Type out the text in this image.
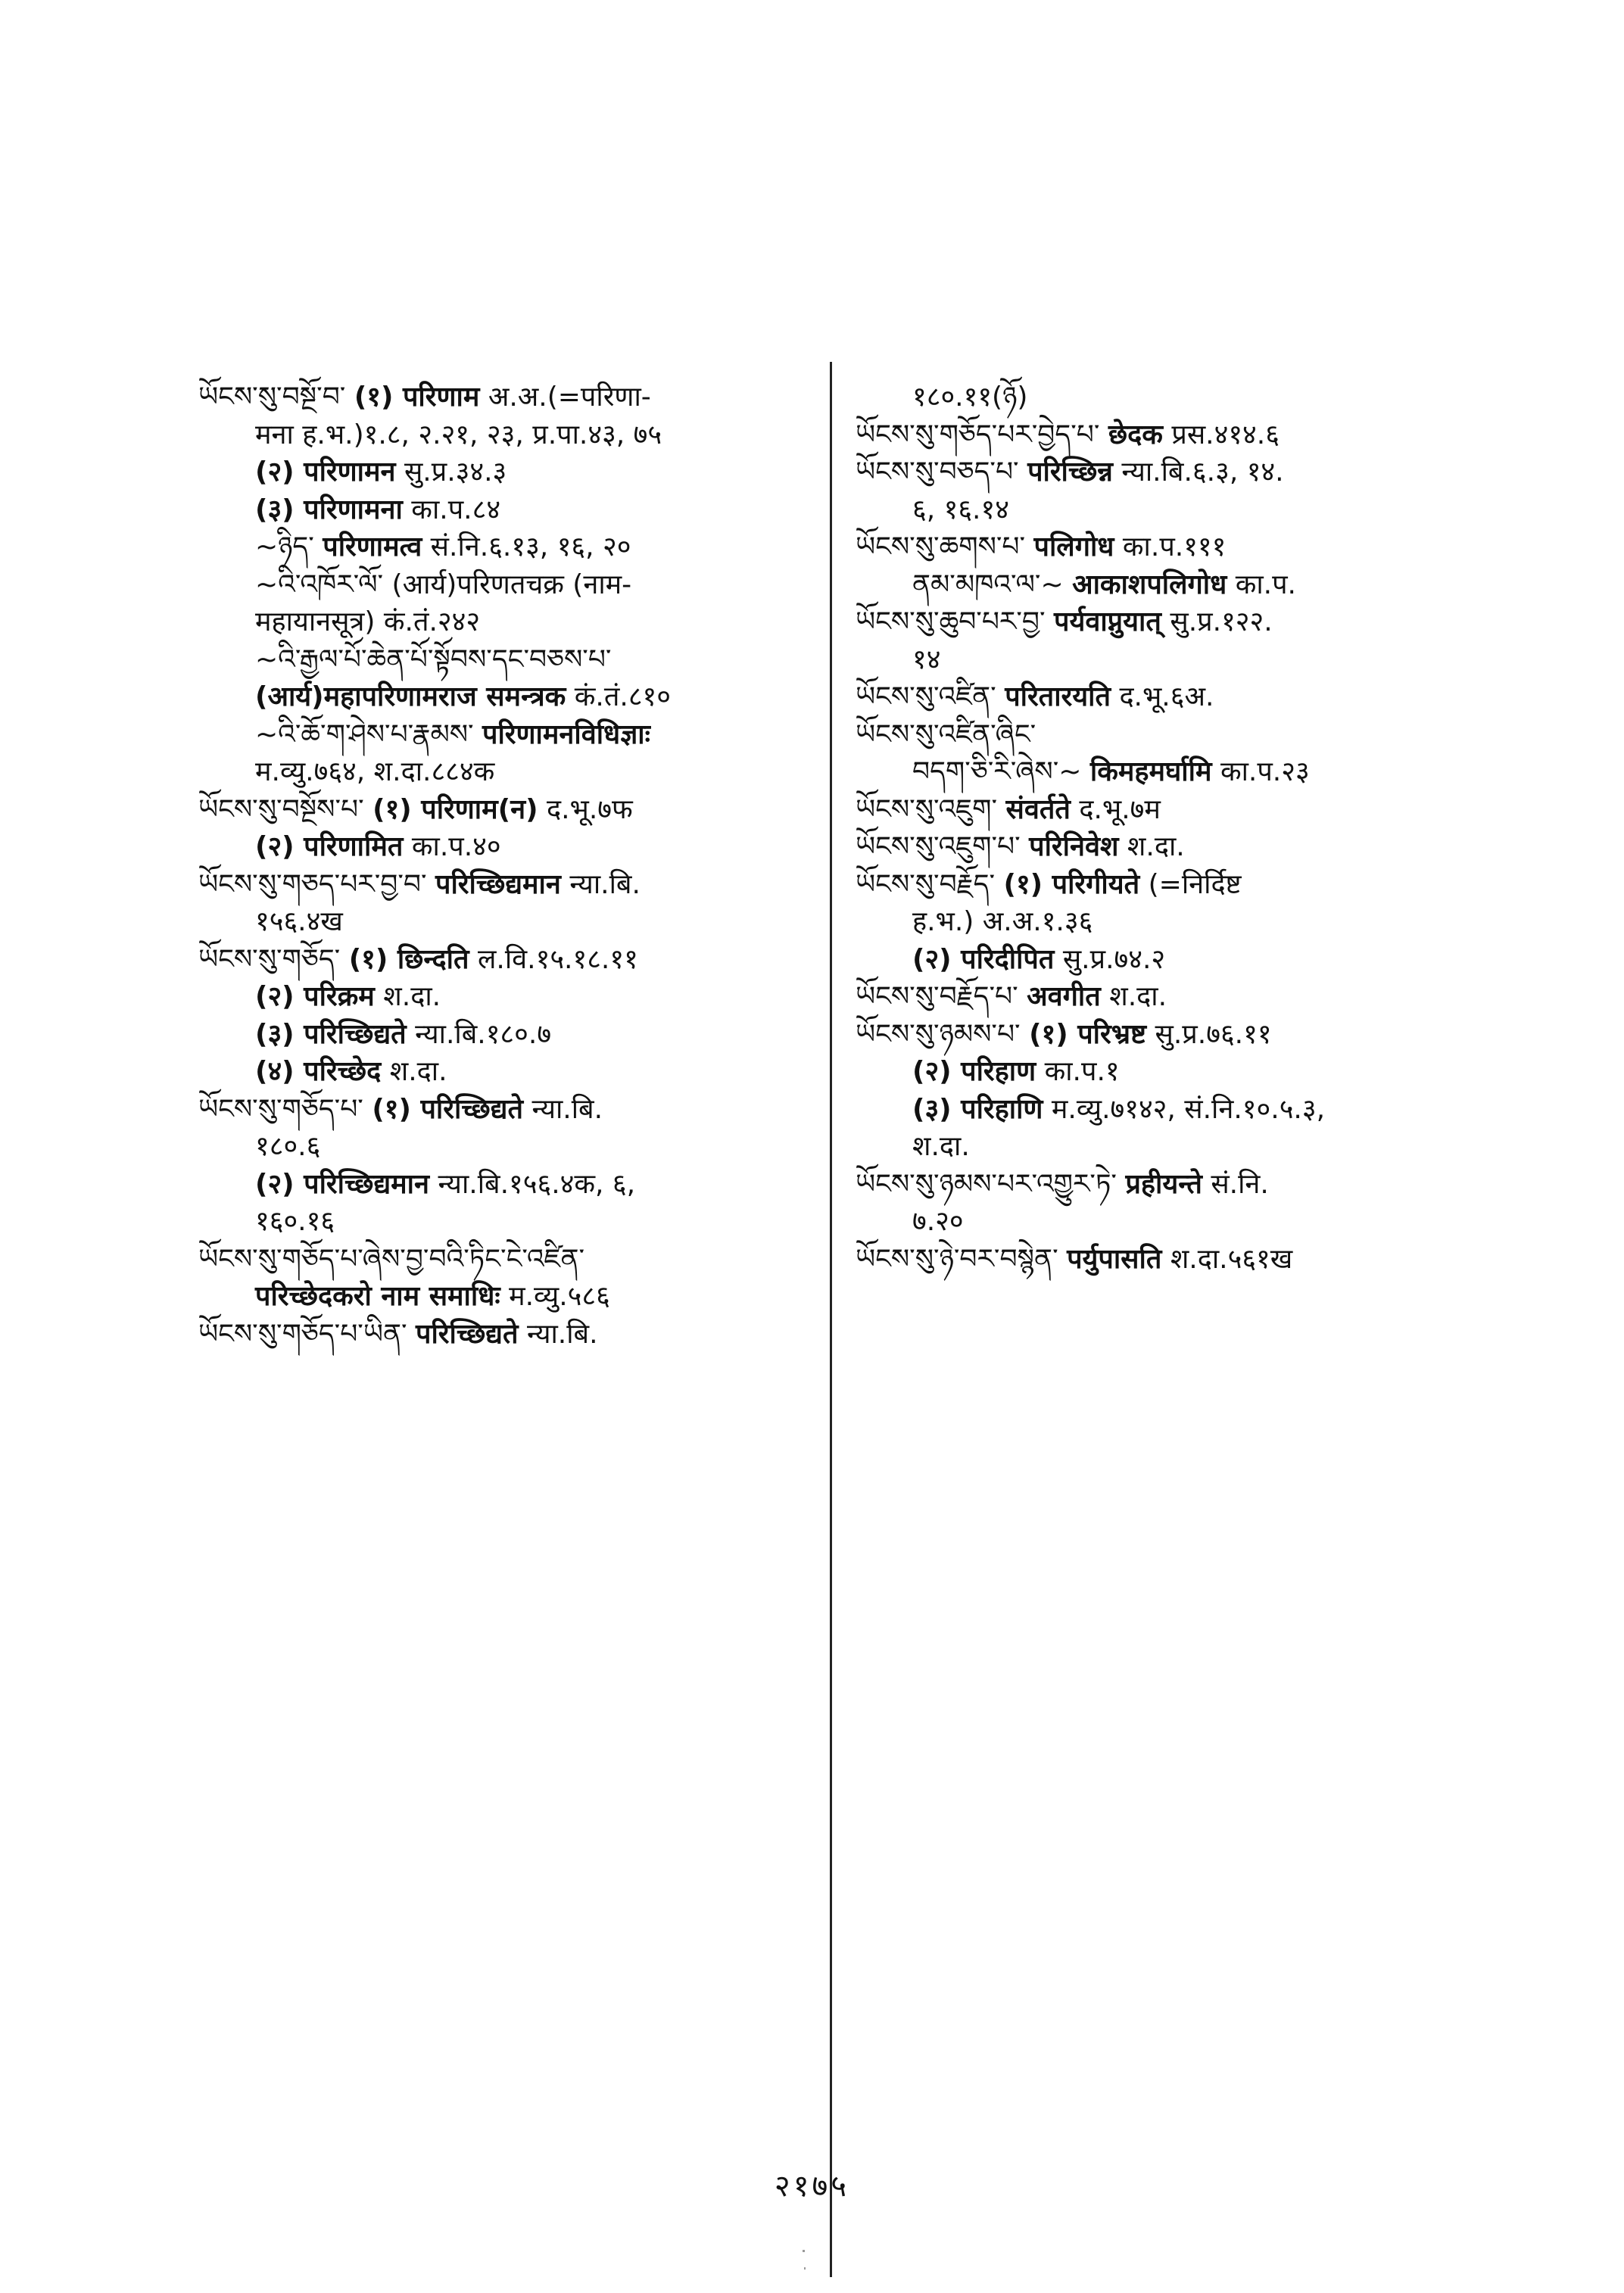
ཡོངས་སུ་བསྔོ་བ་ (१) परिणाम अ.अ.(=परिणा-
मना ह.भ.)१.८, २.२१, २३, प्र.पा.४३, ७५
(२) परिणामन सु.प्र.३४.३
(३) परिणामना का.प.८४
~ཉིད་ परिणामत्व सं.नि.६.१३, १६, २०
~འི་འཁོར་ལོ་ (आर्य)परिणतचक्र (नाम-
महायानसूत्र) कं.तं.२४२
~འི་རྒྱལ་པོ་ཆེན་པོ་སྟོབས་དང་བཅས་པ་
(आर्य)महापरिणामराज समन्त्रक कं.तं.८१०
~འི་ཆོ་ག་ཤེས་པ་རྣམས་ परिणामनविधिज्ञाः
म.व्यु.७६४, श.दा.८८४क
ཡོངས་སུ་བསྔོས་པ་ (१) परिणाम(न) द.भू.७फ
(२) परिणामित का.प.४०
ཡོངས་སུ་གཅད་པར་བྱ་བ་ परिच्छिद्यमान न्या.बि.
१५६.४ख
ཡོངས་སུ་གཅོད་ (१) छिन्दति ल.वि.१५.१८.११
(२) परिक्रम श.दा.
(३) परिच्छिद्यते न्या.बि.१८०.७
(४) परिच्छेद श.दा.
ཡོངས་སུ་གཅོད་པ་ (१) परिच्छिद्यते न्या.बि.
१८०.६
(२) परिच्छिद्यमान न्या.बि.१५६.४क, ६,
१६०.१६
ཡོངས་སུ་གཅོད་པ་ཞེས་བྱ་བའི་ཏིང་ངེ་འཛིན་
परिच्छेदकरो नाम समाधिः म.व्यु.५८६
ཡོངས་སུ་གཅོད་པ་ཡིན་ परिच्छिद्यते न्या.बि.
१८०.११(ཉོ)
ཡོངས་སུ་གཅོད་པར་བྱེད་པ་ छेदक प्रस.४१४.६
ཡོངས་སུ་བཅད་པ་ परिच्छिन्न न्या.बि.६.३, १४.
६, १६.१४
ཡོངས་སུ་ཆགས་པ་ पलिगोध का.प.१११
ནམ་མཁའ་ལ་~ आकाशपलिगोध का.प.
ཡོངས་སུ་ཆུབ་པར་བྱ་ पर्यवाप्नुयात् सु.प्र.१२२.
१४
ཡོངས་སུ་འཛིན་ परितारयति द.भू.६अ.
ཡོངས་སུ་འཛིན་ཞིང་
བདག་ཅི་རི་ཞེས་~ किमहमर्घामि का.प.२३
ཡོངས་སུ་འཇུག་ संवर्तते द.भू.७म
ཡོངས་སུ་འཇུག་པ་ परिनिवेश श.दा.
ཡོངས་སུ་བརྗོད་ (१) परिगीयते (=निर्दिष्ट
ह.भ.) अ.अ.१.३६
(२) परिदीपित सु.प्र.७४.२
ཡོངས་སུ་བརྗོད་པ་ अवगीत श.दा.
ཡོངས་སུ་ཉམས་པ་ (१) परिभ्रष्ट सु.प्र.७६.११
(२) परिहाण का.प.१
(३) परिहाणि म.व्यु.७१४२, सं.नि.१०.५.३,
श.दा.
ཡོངས་སུ་ཉམས་པར་འགྱུར་ཏེ་ प्रहीयन्ते सं.नि.
७.२०
ཡོངས་སུ་ཉེ་བར་བསྙེན་ पर्युपासति श.दा.५६१ख
२१७५
